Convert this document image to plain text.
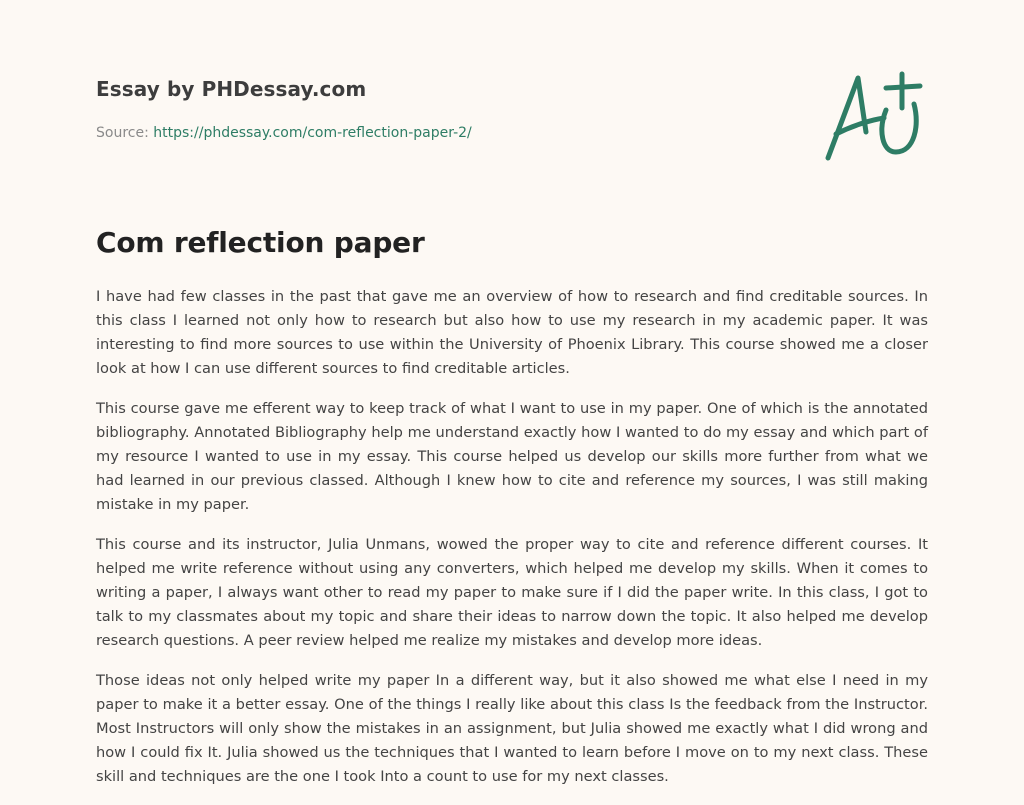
Essay by PHDessay.com
Source: https://phdessay.com/com-reflection-paper-2/
Com reflection paper

I have had few classes in the past that gave me an overview of how to research and find creditable sources. In this class I learned not only how to research but also how to use my research in my academic paper. It was interesting to find more sources to use within the University of Phoenix Library. This course showed me a closer look at how I can use different sources to find creditable articles.

This course gave me efferent way to keep track of what I want to use in my paper. One of which is the annotated bibliography. Annotated Bibliography help me understand exactly how I wanted to do my essay and which part of my resource I wanted to use in my essay. This course helped us develop our skills more further from what we had learned in our previous classed. Although I knew how to cite and reference my sources, I was still making mistake in my paper.

This course and its instructor, Julia Unmans, wowed the proper way to cite and reference different courses. It helped me write reference without using any converters, which helped me develop my skills. When it comes to writing a paper, I always want other to read my paper to make sure if I did the paper write. In this class, I got to talk to my classmates about my topic and share their ideas to narrow down the topic. It also helped me develop research questions. A peer review helped me realize my mistakes and develop more ideas.

Those ideas not only helped write my paper In a different way, but it also showed me what else I need in my paper to make it a better essay. One of the things I really like about this class Is the feedback from the Instructor. Most Instructors will only show the mistakes in an assignment, but Julia showed me exactly what I did wrong and how I could fix It. Julia showed us the techniques that I wanted to learn before I move on to my next class. These skill and techniques are the one I took Into a count to use for my next classes.
